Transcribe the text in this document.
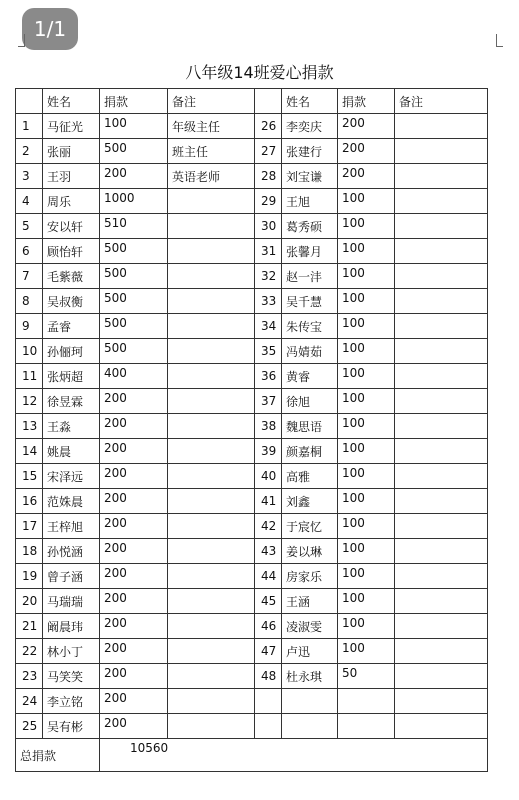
1/1
八年级14班爱心捐款
	姓名	捐款	备注		姓名	捐款	备注
1	马征光	100	年级主任	26	李奕庆	200	
2	张丽	500	班主任	27	张建行	200	
3	王羽	200	英语老师	28	刘宝谦	200	
4	周乐	1000		29	王旭	100	
5	安以轩	510		30	葛秀硕	100	
6	顾怡轩	500		31	张馨月	100	
7	毛紫薇	500		32	赵一沣	100	
8	吴叔衡	500		33	吴千慧	100	
9	孟睿	500		34	朱传宝	100	
10	孙俪珂	500		35	冯婧茹	100	
11	张炳超	400		36	黄睿	100	
12	徐昱霖	200		37	徐旭	100	
13	王淼	200		38	魏思语	100	
14	姚晨	200		39	颜嘉桐	100	
15	宋泽远	200		40	高雅	100	
16	范姝晨	200		41	刘鑫	100	
17	王梓旭	200		42	于宸忆	100	
18	孙悦涵	200		43	姜以琳	100	
19	曾子涵	200		44	房家乐	100	
20	马瑞瑞	200		45	王涵	100	
21	阚晨玮	200		46	凌淑雯	100	
22	林小丁	200		47	卢迅	100	
23	马笑笑	200		48	杜永琪	50	
24	李立铭	200					
25	吴有彬	200					
总捐款		10560					
